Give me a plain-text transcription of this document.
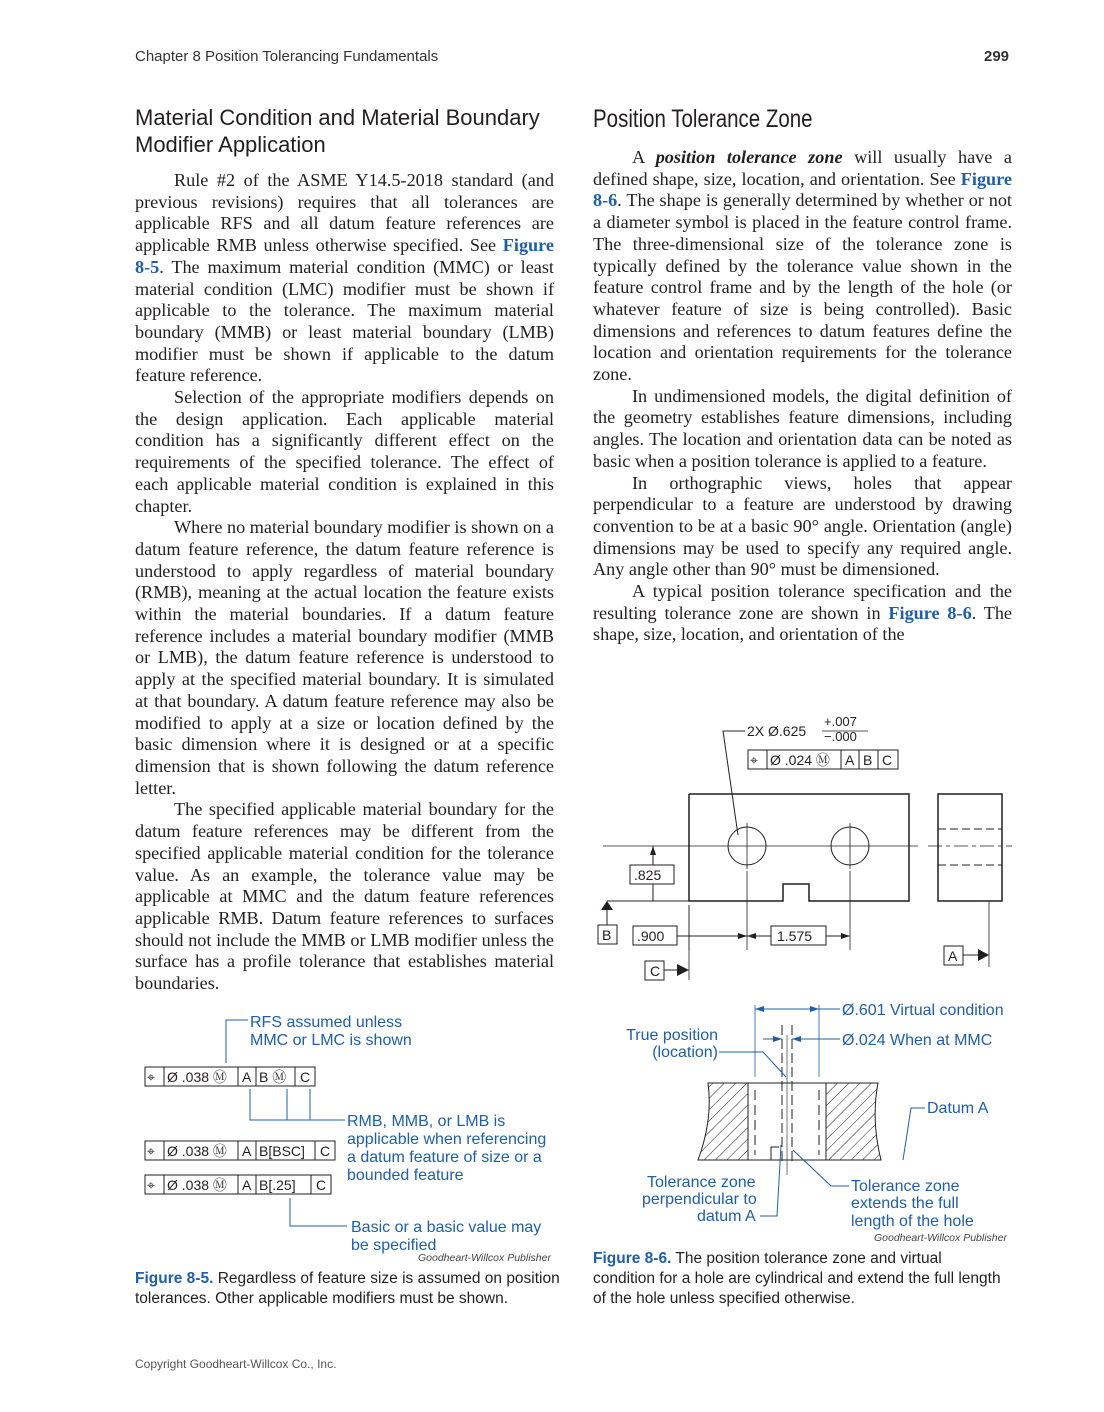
Chapter 8 Position Tolerancing Fundamentals	299
Material Condition and Material Boundary Modifier Application

Rule #2 of the ASME Y14.5-2018 standard (and previous revisions) requires that all tolerances are applicable RFS and all datum feature references are applicable RMB unless otherwise specified. See Figure 8-5. The maximum material condition (MMC) or least material condition (LMC) modifier must be shown if applicable to the tolerance. The maximum material boundary (MMB) or least material boundary (LMB) modifier must be shown if applicable to the datum feature reference.

Selection of the appropriate modifiers depends on the design application. Each applicable material condition has a significantly different effect on the requirements of the specified tolerance. The effect of each applicable material condition is explained in this chapter.

Where no material boundary modifier is shown on a datum feature reference, the datum feature reference is understood to apply regardless of material boundary (RMB), meaning at the actual location the feature exists within the material boundaries. If a datum feature reference includes a material boundary modifier (MMB or LMB), the datum feature reference is understood to apply at the specified material boundary. It is simulated at that boundary. A datum feature reference may also be modified to apply at a size or location defined by the basic dimension where it is designed or at a specific dimension that is shown following the datum reference letter.

The specified applicable material boundary for the datum feature references may be different from the specified applicable material condition for the tolerance value. As an example, the tolerance value may be applicable at MMC and the datum feature references applicable RMB. Datum feature references to surfaces should not include the MMB or LMB modifier unless the surface has a profile tolerance that establishes material boundaries.

Position Tolerance Zone

A position tolerance zone will usually have a defined shape, size, location, and orientation. See Figure 8-6. The shape is generally determined by whether or not a diameter symbol is placed in the feature control frame. The three-dimensional size of the tolerance zone is typically defined by the tolerance value shown in the feature control frame and by the length of the hole (or whatever feature of size is being controlled). Basic dimensions and references to datum features define the location and orientation requirements for the tolerance zone.

In undimensioned models, the digital definition of the geometry establishes feature dimensions, including angles. The location and orientation data can be noted as basic when a position tolerance is applied to a feature.

In orthographic views, holes that appear perpendicular to a feature are understood by drawing convention to be at a basic 90° angle. Orientation (angle) dimensions may be used to specify any required angle. Any angle other than 90° must be dimensioned.

A typical position tolerance specification and the resulting tolerance zone are shown in Figure 8-6. The shape, size, location, and orientation of the

RFS assumed unless
MMC or LMC is shown
⌖ Ø .038 Ⓜ A B Ⓜ C
RMB, MMB, or LMB is
applicable when referencing
a datum feature of size or a
bounded feature
⌖ Ø .038 Ⓜ A B[BSC] C
⌖ Ø .038 Ⓜ A B[.25] C
Basic or a basic value may
be specified
Goodheart-Willcox Publisher
Figure 8-5. Regardless of feature size is assumed on position tolerances. Other applicable modifiers must be shown.
2X Ø.625
+.007
−.000
⌖ Ø .024 Ⓜ A B C
.825
B .900	1.575
C
A
Ø.601 Virtual condition
Ø.024 When at MMC
True position
(location)
Datum A
Tolerance zone
perpendicular to
datum A
Tolerance zone
extends the full
length of the hole
Goodheart-Willcox Publisher
Figure 8-6. The position tolerance zone and virtual condition for a hole are cylindrical and extend the full length of the hole unless specified otherwise.
Copyright Goodheart-Willcox Co., Inc.
